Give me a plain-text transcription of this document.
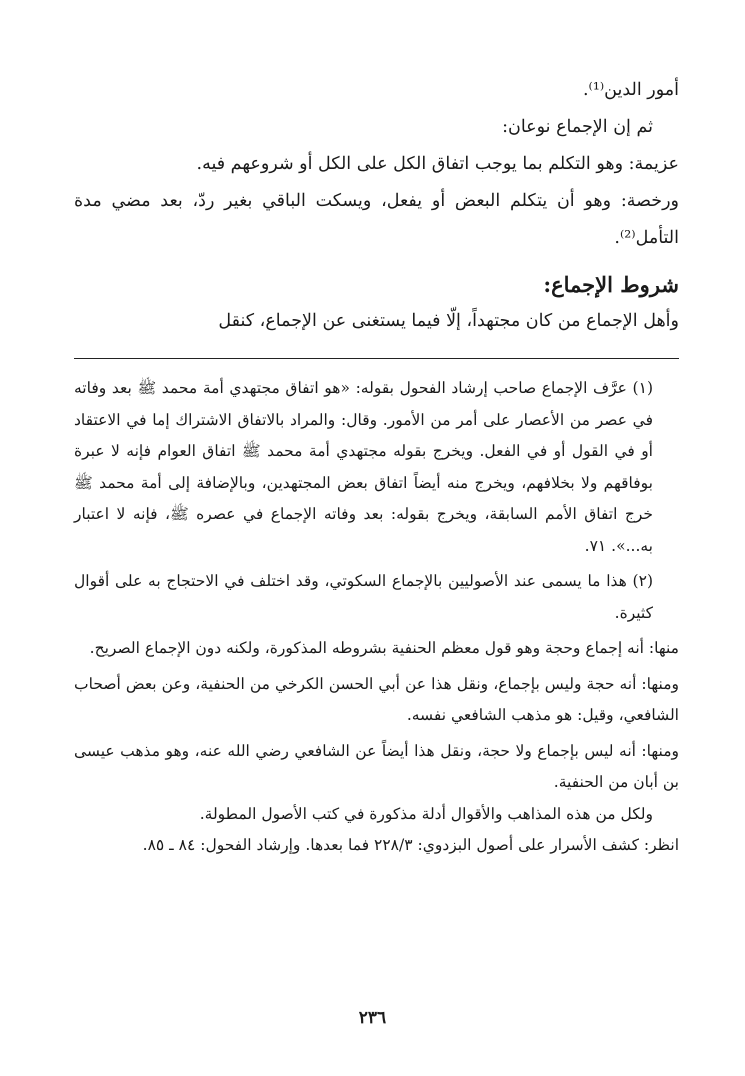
أمور الدين⁽¹⁾.

ثم إن الإجماع نوعان:

عزيمة: وهو التكلم بما يوجب اتفاق الكل على الكل أو شروعهم فيه.

ورخصة: وهو أن يتكلم البعض أو يفعل، ويسكت الباقي بغير ردّ، بعد مضي مدة التأمل⁽²⁾.

شروط الإجماع:

وأهل الإجماع من كان مجتهداً، إلّا فيما يستغنى عن الإجماع، كنقل

(١) عرَّف الإجماع صاحب إرشاد الفحول بقوله: «هو اتفاق مجتهدي أمة محمد ﷺ بعد وفاته في عصر من الأعصار على أمر من الأمور. وقال: والمراد بالاتفاق الاشتراك إما في الاعتقاد أو في القول أو في الفعل. ويخرج بقوله مجتهدي أمة محمد ﷺ اتفاق العوام فإنه لا عبرة بوفاقهم ولا بخلافهم، ويخرج منه أيضاً اتفاق بعض المجتهدين، وبالإضافة إلى أمة محمد ﷺ خرج اتفاق الأمم السابقة، ويخرج بقوله: بعد وفاته الإجماع في عصره ﷺ، فإنه لا اعتبار به...». ٧١.

(٢) هذا ما يسمى عند الأصوليين بالإجماع السكوتي، وقد اختلف في الاحتجاج به على أقوال كثيرة.

منها: أنه إجماع وحجة وهو قول معظم الحنفية بشروطه المذكورة، ولكنه دون الإجماع الصريح.

ومنها: أنه حجة وليس بإجماع، ونقل هذا عن أبي الحسن الكرخي من الحنفية، وعن بعض أصحاب الشافعي، وقيل: هو مذهب الشافعي نفسه.

ومنها: أنه ليس بإجماع ولا حجة، ونقل هذا أيضاً عن الشافعي رضي الله عنه، وهو مذهب عيسى بن أبان من الحنفية.

ولكل من هذه المذاهب والأقوال أدلة مذكورة في كتب الأصول المطولة.

انظر: كشف الأسرار على أصول البزدوي: ٢٢٨/٣ فما بعدها. وإرشاد الفحول: ٨٤ ـ ٨٥.

٢٣٦
